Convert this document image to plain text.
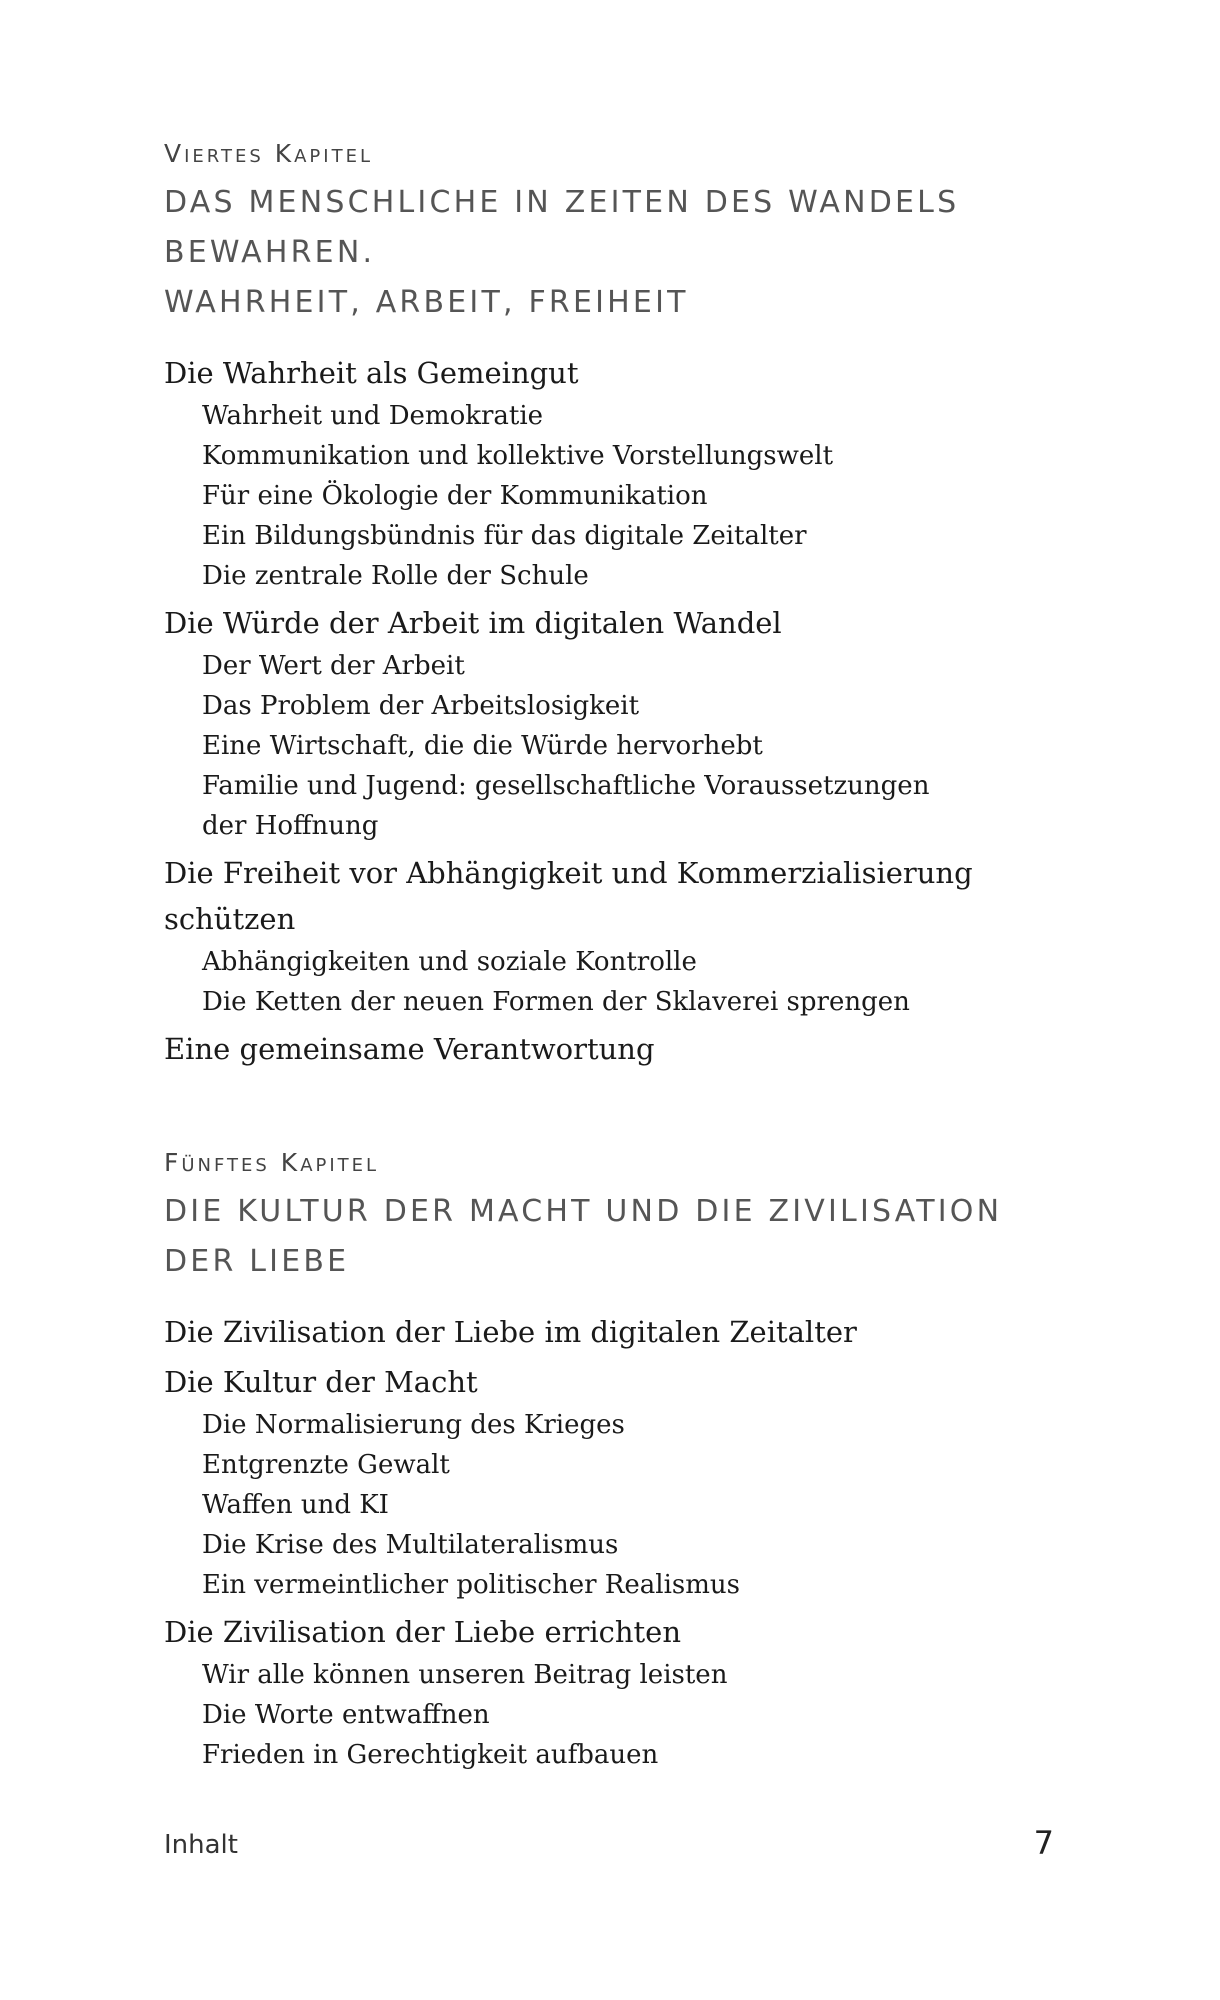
Viertes Kapitel
DAS MENSCHLICHE IN ZEITEN DES WANDELS
BEWAHREN.
WAHRHEIT, ARBEIT, FREIHEIT
Die Wahrheit als Gemeingut
Wahrheit und Demokratie
Kommunikation und kollektive Vorstellungswelt
Für eine Ökologie der Kommunikation
Ein Bildungsbündnis für das digitale Zeitalter
Die zentrale Rolle der Schule
Die Würde der Arbeit im digitalen Wandel
Der Wert der Arbeit
Das Problem der Arbeitslosigkeit
Eine Wirtschaft, die die Würde hervorhebt
Familie und Jugend: gesellschaftliche Voraussetzungen
der Hoffnung
Die Freiheit vor Abhängigkeit und Kommerzialisierung
schützen
Abhängigkeiten und soziale Kontrolle
Die Ketten der neuen Formen der Sklaverei sprengen
Eine gemeinsame Verantwortung
Fünftes Kapitel
DIE KULTUR DER MACHT UND DIE ZIVILISATION
DER LIEBE
Die Zivilisation der Liebe im digitalen Zeitalter
Die Kultur der Macht
Die Normalisierung des Krieges
Entgrenzte Gewalt
Waffen und KI
Die Krise des Multilateralismus
Ein vermeintlicher politischer Realismus
Die Zivilisation der Liebe errichten
Wir alle können unseren Beitrag leisten
Die Worte entwaffnen
Frieden in Gerechtigkeit aufbauen
Inhalt	7
